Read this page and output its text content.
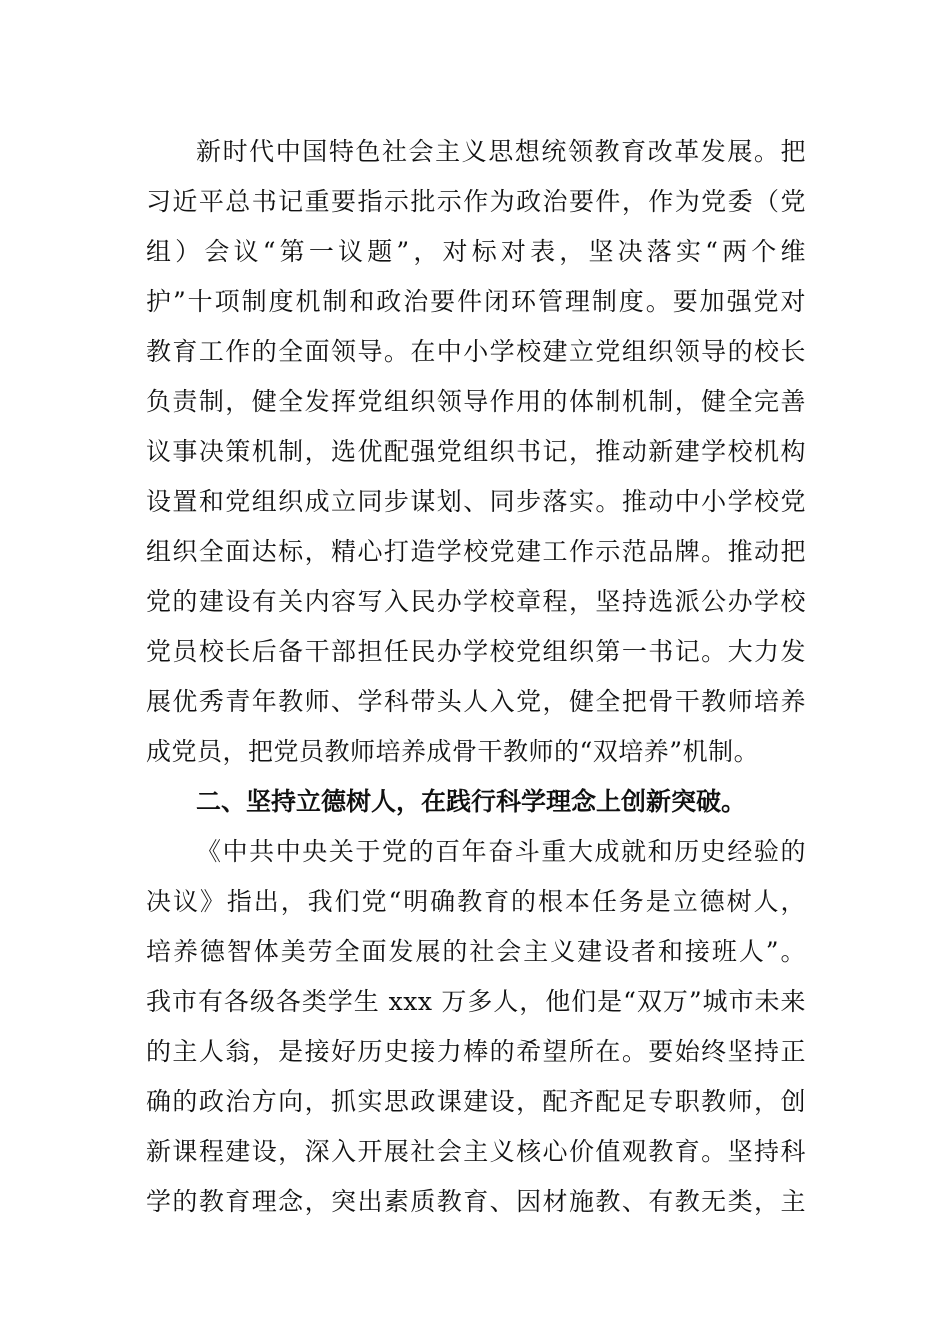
新时代中国特色社会主义思想统领教育改革发展。把
习近平总书记重要指示批示作为政治要件，作为党委（党
组）会议“第一议题”，对标对表，坚决落实“两个维
护”十项制度机制和政治要件闭环管理制度。要加强党对
教育工作的全面领导。在中小学校建立党组织领导的校长
负责制，健全发挥党组织领导作用的体制机制，健全完善
议事决策机制，选优配强党组织书记，推动新建学校机构
设置和党组织成立同步谋划、同步落实。推动中小学校党
组织全面达标，精心打造学校党建工作示范品牌。推动把
党的建设有关内容写入民办学校章程，坚持选派公办学校
党员校长后备干部担任民办学校党组织第一书记。大力发
展优秀青年教师、学科带头人入党，健全把骨干教师培养
成党员，把党员教师培养成骨干教师的“双培养”机制。
二、坚持立德树人，在践行科学理念上创新突破。
《中共中央关于党的百年奋斗重大成就和历史经验的
决议》指出，我们党“明确教育的根本任务是立德树人，
培养德智体美劳全面发展的社会主义建设者和接班人”。
我市有各级各类学生 xxx 万多人，他们是“双万”城市未来
的主人翁，是接好历史接力棒的希望所在。要始终坚持正
确的政治方向，抓实思政课建设，配齐配足专职教师，创
新课程建设，深入开展社会主义核心价值观教育。坚持科
学的教育理念，突出素质教育、因材施教、有教无类，主
